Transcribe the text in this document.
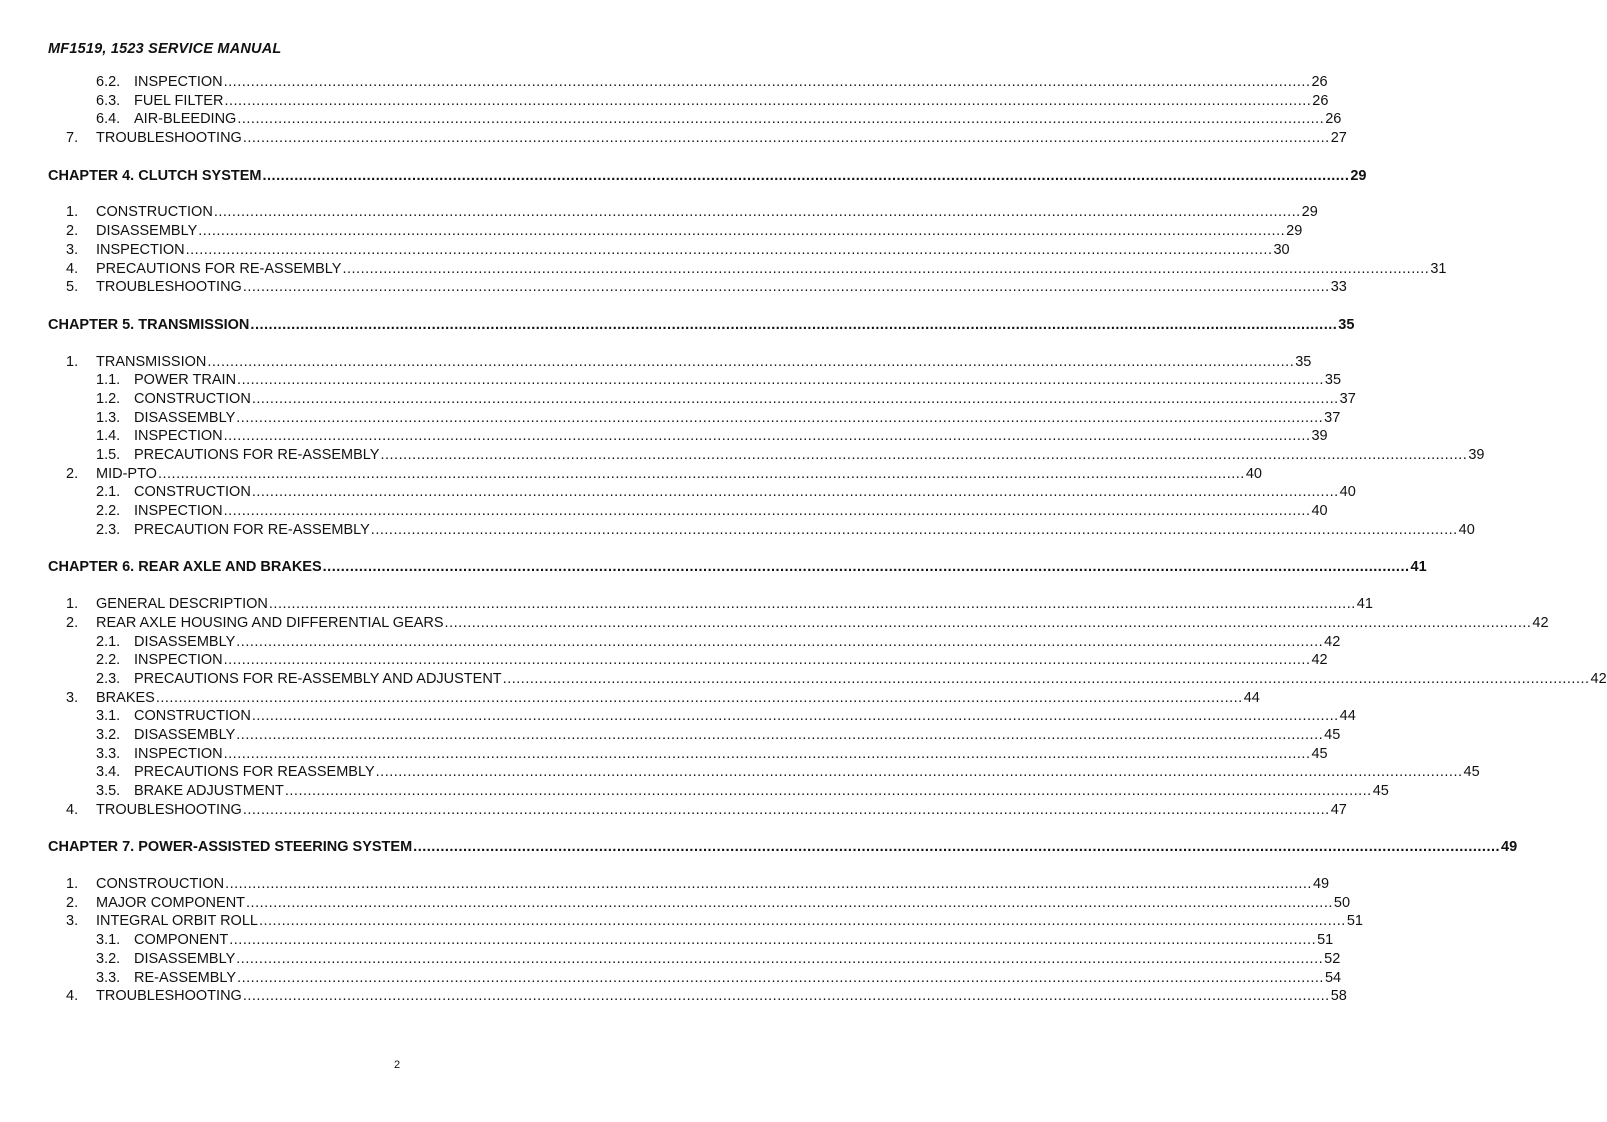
MF1519, 1523 SERVICE MANUAL
6.2. INSPECTION ................................................................................................................................................................................................................................................ 26
6.3. FUEL FILTER ................................................................................................................................................................................................................................................ 26
6.4. AIR-BLEEDING ................................................................................................................................................................................................................................................ 26
7. TROUBLESHOOTING ................................................................................................................................................................................................................................................ 27
CHAPTER 4. CLUTCH SYSTEM ................................................................................................................................................................................................................................................ 29
1. CONSTRUCTION ................................................................................................................................................................................................................................................ 29
2. DISASSEMBLY ................................................................................................................................................................................................................................................ 29
3. INSPECTION ................................................................................................................................................................................................................................................ 30
4. PRECAUTIONS FOR RE-ASSEMBLY ................................................................................................................................................................................................................................................ 31
5. TROUBLESHOOTING ................................................................................................................................................................................................................................................ 33
CHAPTER 5. TRANSMISSION ................................................................................................................................................................................................................................................ 35
1. TRANSMISSION ................................................................................................................................................................................................................................................ 35
1.1. POWER TRAIN ................................................................................................................................................................................................................................................ 35
1.2. CONSTRUCTION ................................................................................................................................................................................................................................................ 37
1.3. DISASSEMBLY ................................................................................................................................................................................................................................................ 37
1.4. INSPECTION ................................................................................................................................................................................................................................................ 39
1.5. PRECAUTIONS FOR RE-ASSEMBLY ................................................................................................................................................................................................................................................ 39
2. MID-PTO ................................................................................................................................................................................................................................................ 40
2.1. CONSTRUCTION ................................................................................................................................................................................................................................................ 40
2.2. INSPECTION ................................................................................................................................................................................................................................................ 40
2.3. PRECAUTION FOR RE-ASSEMBLY ................................................................................................................................................................................................................................................ 40
CHAPTER 6. REAR AXLE AND BRAKES ................................................................................................................................................................................................................................................ 41
1. GENERAL DESCRIPTION ................................................................................................................................................................................................................................................ 41
2. REAR AXLE HOUSING AND DIFFERENTIAL GEARS ................................................................................................................................................................................................................................................ 42
2.1. DISASSEMBLY ................................................................................................................................................................................................................................................ 42
2.2. INSPECTION ................................................................................................................................................................................................................................................ 42
2.3. PRECAUTIONS FOR RE-ASSEMBLY AND ADJUSTENT ................................................................................................................................................................................................................................................ 42
3. BRAKES ................................................................................................................................................................................................................................................ 44
3.1. CONSTRUCTION ................................................................................................................................................................................................................................................ 44
3.2. DISASSEMBLY ................................................................................................................................................................................................................................................ 45
3.3. INSPECTION ................................................................................................................................................................................................................................................ 45
3.4. PRECAUTIONS FOR REASSEMBLY ................................................................................................................................................................................................................................................ 45
3.5. BRAKE ADJUSTMENT ................................................................................................................................................................................................................................................ 45
4. TROUBLESHOOTING ................................................................................................................................................................................................................................................ 47
CHAPTER 7. POWER-ASSISTED STEERING SYSTEM ................................................................................................................................................................................................................................................ 49
1. CONSTROUCTION ................................................................................................................................................................................................................................................ 49
2. MAJOR COMPONENT ................................................................................................................................................................................................................................................ 50
3. INTEGRAL ORBIT ROLL ................................................................................................................................................................................................................................................ 51
3.1. COMPONENT ................................................................................................................................................................................................................................................ 51
3.2. DISASSEMBLY ................................................................................................................................................................................................................................................ 52
3.3. RE-ASSEMBLY ................................................................................................................................................................................................................................................ 54
4. TROUBLESHOOTING ................................................................................................................................................................................................................................................ 58
2
